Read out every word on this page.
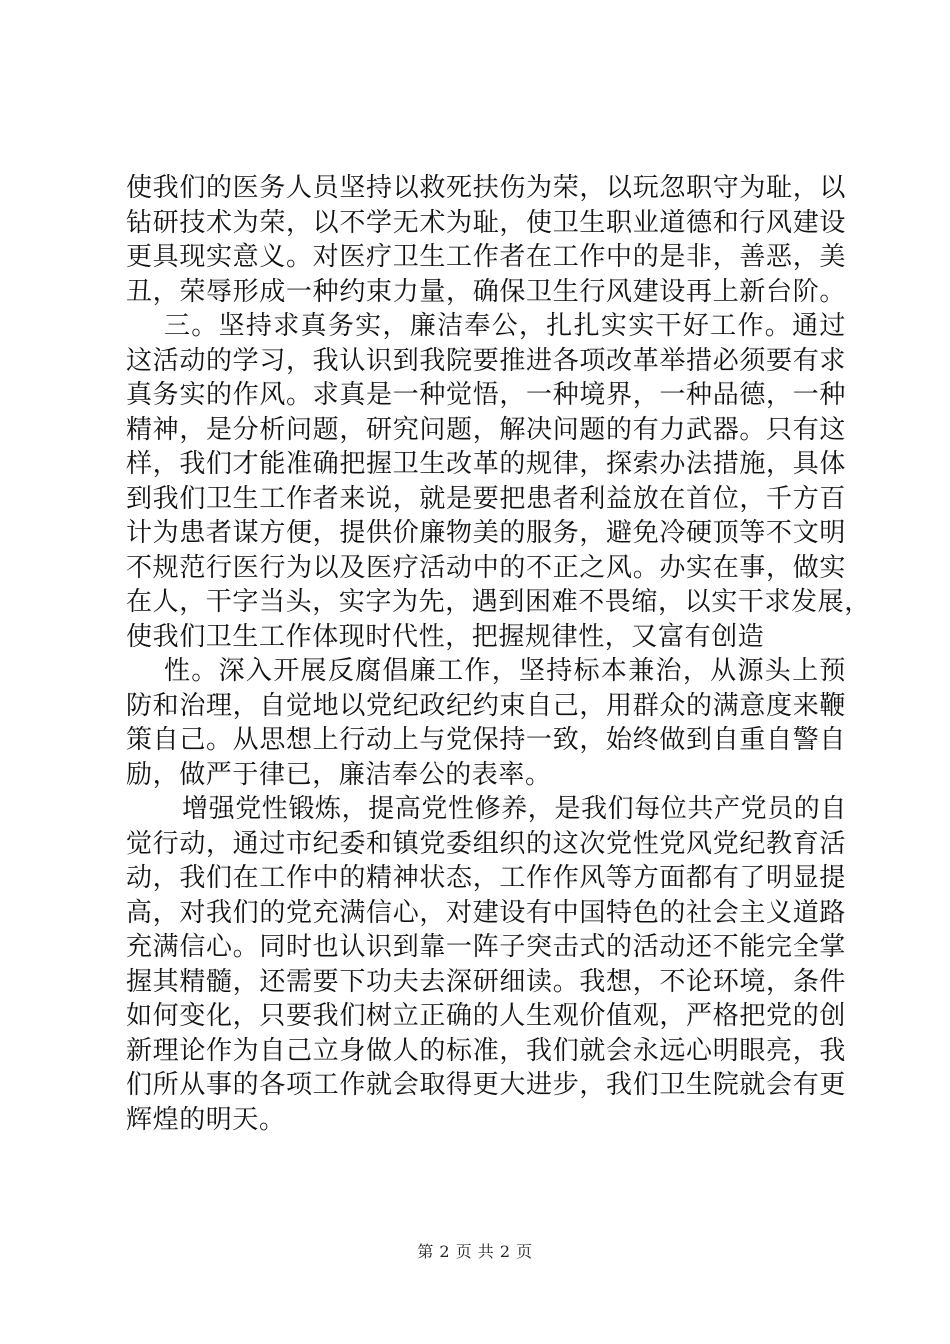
使我们的医务人员坚持以救死扶伤为荣，以玩忽职守为耻，以
钻研技术为荣，以不学无术为耻，使卫生职业道德和行风建设
更具现实意义。对医疗卫生工作者在工作中的是非，善恶，美
丑，荣辱形成一种约束力量，确保卫生行风建设再上新台阶。
三。坚持求真务实，廉洁奉公，扎扎实实干好工作。通过
这活动的学习，我认识到我院要推进各项改革举措必须要有求
真务实的作风。求真是一种觉悟，一种境界，一种品德，一种
精神，是分析问题，研究问题，解决问题的有力武器。只有这
样，我们才能准确把握卫生改革的规律，探索办法措施，具体
到我们卫生工作者来说，就是要把患者利益放在首位，千方百
计为患者谋方便，提供价廉物美的服务，避免冷硬顶等不文明
不规范行医行为以及医疗活动中的不正之风。办实在事，做实
在人，干字当头，实字为先，遇到困难不畏缩，以实干求发展，
使我们卫生工作体现时代性，把握规律性，又富有创造
性。深入开展反腐倡廉工作，坚持标本兼治，从源头上预
防和治理，自觉地以党纪政纪约束自己，用群众的满意度来鞭
策自己。从思想上行动上与党保持一致，始终做到自重自警自
励，做严于律已，廉洁奉公的表率。
增强党性锻炼，提高党性修养，是我们每位共产党员的自
觉行动，通过市纪委和镇党委组织的这次党性党风党纪教育活
动，我们在工作中的精神状态，工作作风等方面都有了明显提
高，对我们的党充满信心，对建设有中国特色的社会主义道路
充满信心。同时也认识到靠一阵子突击式的活动还不能完全掌
握其精髓，还需要下功夫去深研细读。我想，不论环境，条件
如何变化，只要我们树立正确的人生观价值观，严格把党的创
新理论作为自己立身做人的标准，我们就会永远心明眼亮，我
们所从事的各项工作就会取得更大进步，我们卫生院就会有更
辉煌的明天。
第 2 页 共 2 页
